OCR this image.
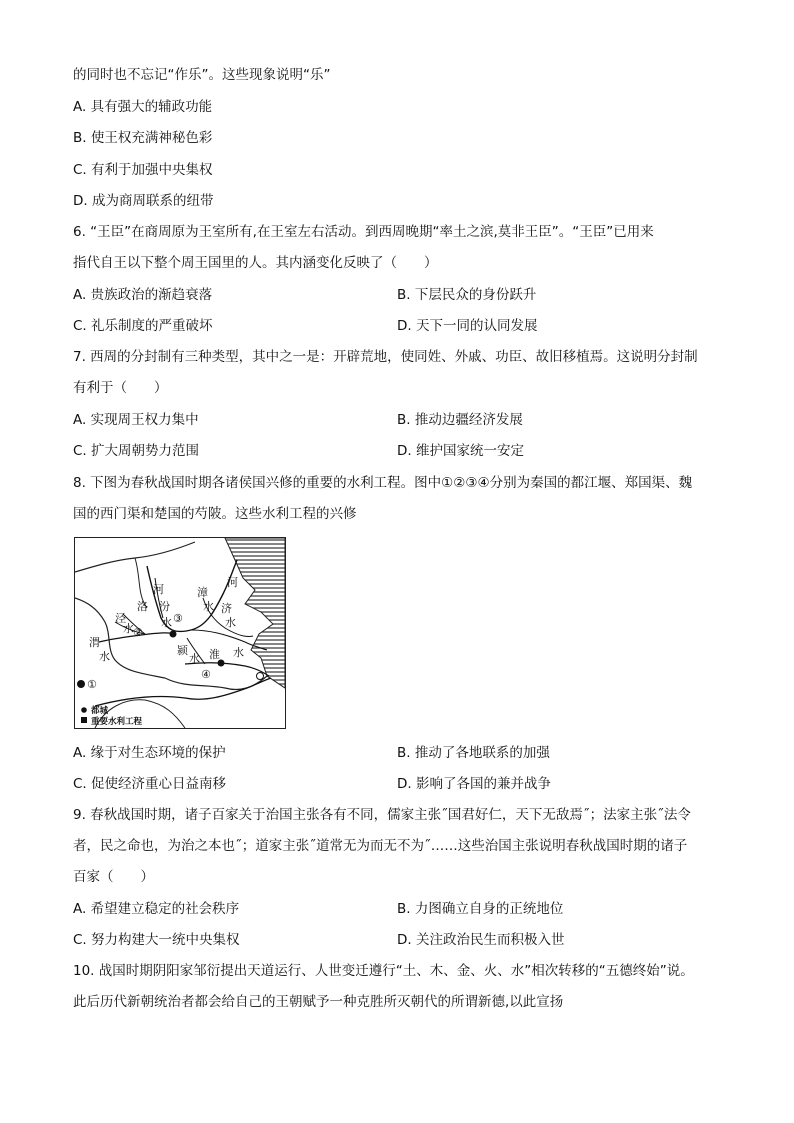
的同时也不忘记“作乐”。这些现象说明“乐”
A. 具有强大的辅政功能
B. 使王权充满神秘色彩
C. 有利于加强中央集权
D. 成为商周联系的纽带
6. “王臣”在商周原为王室所有,在王室左右活动。到西周晚期“率土之滨,莫非王臣”。“王臣”已用来
指代自王以下整个周王国里的人。其内涵变化反映了（　　）
A. 贵族政治的渐趋衰落	B. 下层民众的身份跃升
C. 礼乐制度的严重破坏	D. 天下一同的认同发展
7. 西周的分封制有三种类型，其中之一是：开辟荒地，使同姓、外戚、功臣、故旧移植焉。这说明分封制
有利于（　　）
A. 实现周王权力集中	B. 推动边疆经济发展
C. 扩大周朝势力范围	D. 维护国家统一安定
8. 下图为春秋战国时期各诸侯国兴修的重要的水利工程。图中①②③④分别为秦国的都江堰、郑国渠、魏
国的西门渠和楚国的芍陂。这些水利工程的兴修
河
洛 汾
水
泾
水
渭
水
漳
水
河
济
水
颍
水 淮 水
①
②
③
④
都城
重要水利工程
A. 缘于对生态环境的保护	B. 推动了各地联系的加强
C. 促使经济重心日益南移	D. 影响了各国的兼并战争
9. 春秋战国时期，诸子百家关于治国主张各有不同，儒家主张˝国君好仁，天下无敌焉˝；法家主张˝法令
者，民之命也，为治之本也˝；道家主张˝道常无为而无不为˝……这些治国主张说明春秋战国时期的诸子
百家（　　）
A. 希望建立稳定的社会秩序	B. 力图确立自身的正统地位
C. 努力构建大一统中央集权	D. 关注政治民生而积极入世
10. 战国时期阴阳家邹衍提出天道运行、人世变迁遵行“土、木、金、火、水”相次转移的“五德终始”说。
此后历代新朝统治者都会给自己的王朝赋予一种克胜所灭朝代的所谓新德,以此宣扬
